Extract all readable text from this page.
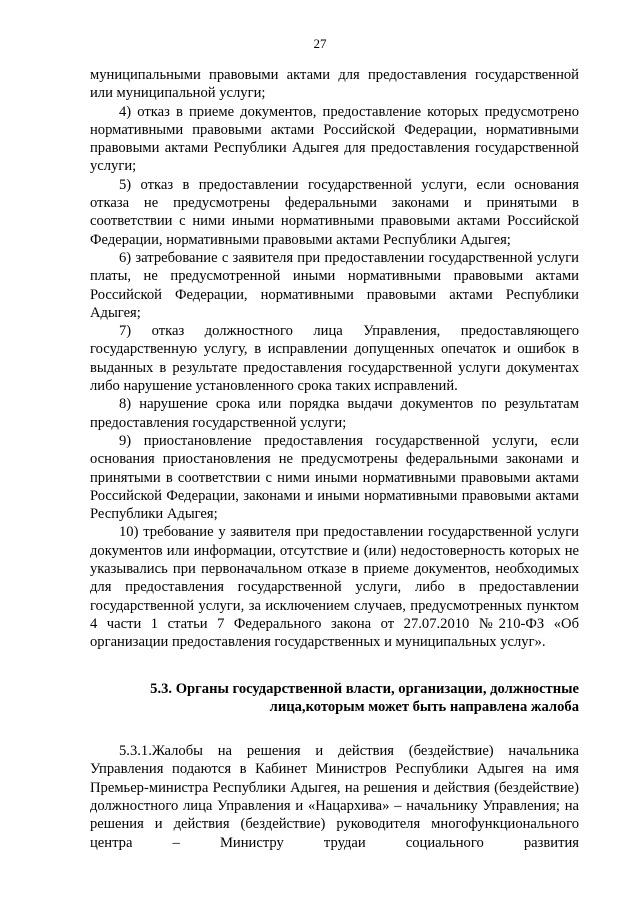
27

муниципальными правовыми актами для предоставления государственной или муниципальной услуги;

4) отказ в приеме документов, предоставление которых предусмотрено нормативными правовыми актами Российской Федерации, нормативными правовыми актами Республики Адыгея для предоставления государственной услуги;

5) отказ в предоставлении государственной услуги, если основания отказа не предусмотрены федеральными законами и принятыми в соответствии с ними иными нормативными правовыми актами Российской Федерации, нормативными правовыми актами Республики Адыгея;

6) затребование с заявителя при предоставлении государственной услуги платы, не предусмотренной иными нормативными правовыми актами Российской Федерации, нормативными правовыми актами Республики Адыгея;

7) отказ должностного лица Управления, предоставляющего государственную услугу, в исправлении допущенных опечаток и ошибок в выданных в результате предоставления государственной услуги документах либо нарушение установленного срока таких исправлений.

8) нарушение срока или порядка выдачи документов по результатам предоставления государственной услуги;

9) приостановление предоставления государственной услуги, если основания приостановления не предусмотрены федеральными законами и принятыми в соответствии с ними иными нормативными правовыми актами Российской Федерации, законами и иными нормативными правовыми актами Республики Адыгея;

10) требование у заявителя при предоставлении государственной услуги документов или информации, отсутствие и (или) недостоверность которых не указывались при первоначальном отказе в приеме документов, необходимых для предоставления государственной услуги, либо в предоставлении государственной услуги, за исключением случаев, предусмотренных пунктом 4 части 1 статьи 7 Федерального закона от 27.07.2010 №210-ФЗ «Об организации предоставления государственных и муниципальных услуг».

5.3. Органы государственной власти, организации, должностные
лица,которым может быть направлена жалоба

5.3.1.Жалобы на решения и действия (бездействие) начальника Управления подаются в Кабинет Министров Республики Адыгея на имя Премьер-министра Республики Адыгея, на решения и действия (бездействие) должностного лица Управления и «Нацархива» – начальнику Управления; на решения и действия (бездействие) руководителя многофункционального центра – Министру трудаи социального развития
